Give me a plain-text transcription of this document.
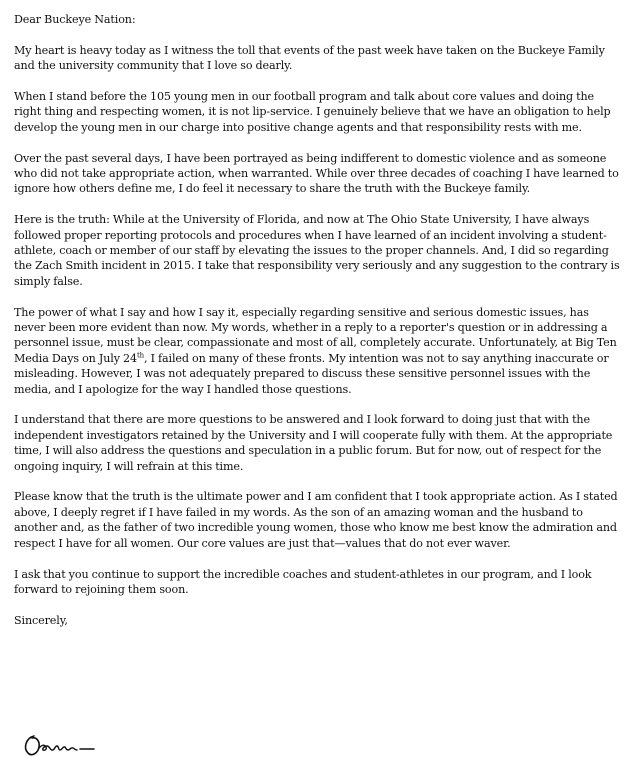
Dear Buckeye Nation:

My heart is heavy today as I witness the toll that events of the past week have taken on the Buckeye Family and the university community that I love so dearly.

When I stand before the 105 young men in our football program and talk about core values and doing the right thing and respecting women, it is not lip-service. I genuinely believe that we have an obligation to help develop the young men in our charge into positive change agents and that responsibility rests with me.

Over the past several days, I have been portrayed as being indifferent to domestic violence and as someone who did not take appropriate action, when warranted. While over three decades of coaching I have learned to ignore how others define me, I do feel it necessary to share the truth with the Buckeye family.

Here is the truth: While at the University of Florida, and now at The Ohio State University, I have always followed proper reporting protocols and procedures when I have learned of an incident involving a student-athlete, coach or member of our staff by elevating the issues to the proper channels. And, I did so regarding the Zach Smith incident in 2015. I take that responsibility very seriously and any suggestion to the contrary is simply false.

The power of what I say and how I say it, especially regarding sensitive and serious domestic issues, has never been more evident than now. My words, whether in a reply to a reporter's question or in addressing a personnel issue, must be clear, compassionate and most of all, completely accurate. Unfortunately, at Big Ten Media Days on July 24th, I failed on many of these fronts. My intention was not to say anything inaccurate or misleading. However, I was not adequately prepared to discuss these sensitive personnel issues with the media, and I apologize for the way I handled those questions.

I understand that there are more questions to be answered and I look forward to doing just that with the independent investigators retained by the University and I will cooperate fully with them. At the appropriate time, I will also address the questions and speculation in a public forum. But for now, out of respect for the ongoing inquiry, I will refrain at this time.

Please know that the truth is the ultimate power and I am confident that I took appropriate action. As I stated above, I deeply regret if I have failed in my words. As the son of an amazing woman and the husband to another and, as the father of two incredible young women, those who know me best know the admiration and respect I have for all women. Our core values are just that—values that do not ever waver.

I ask that you continue to support the incredible coaches and student-athletes in our program, and I look forward to rejoining them soon.

Sincerely,
